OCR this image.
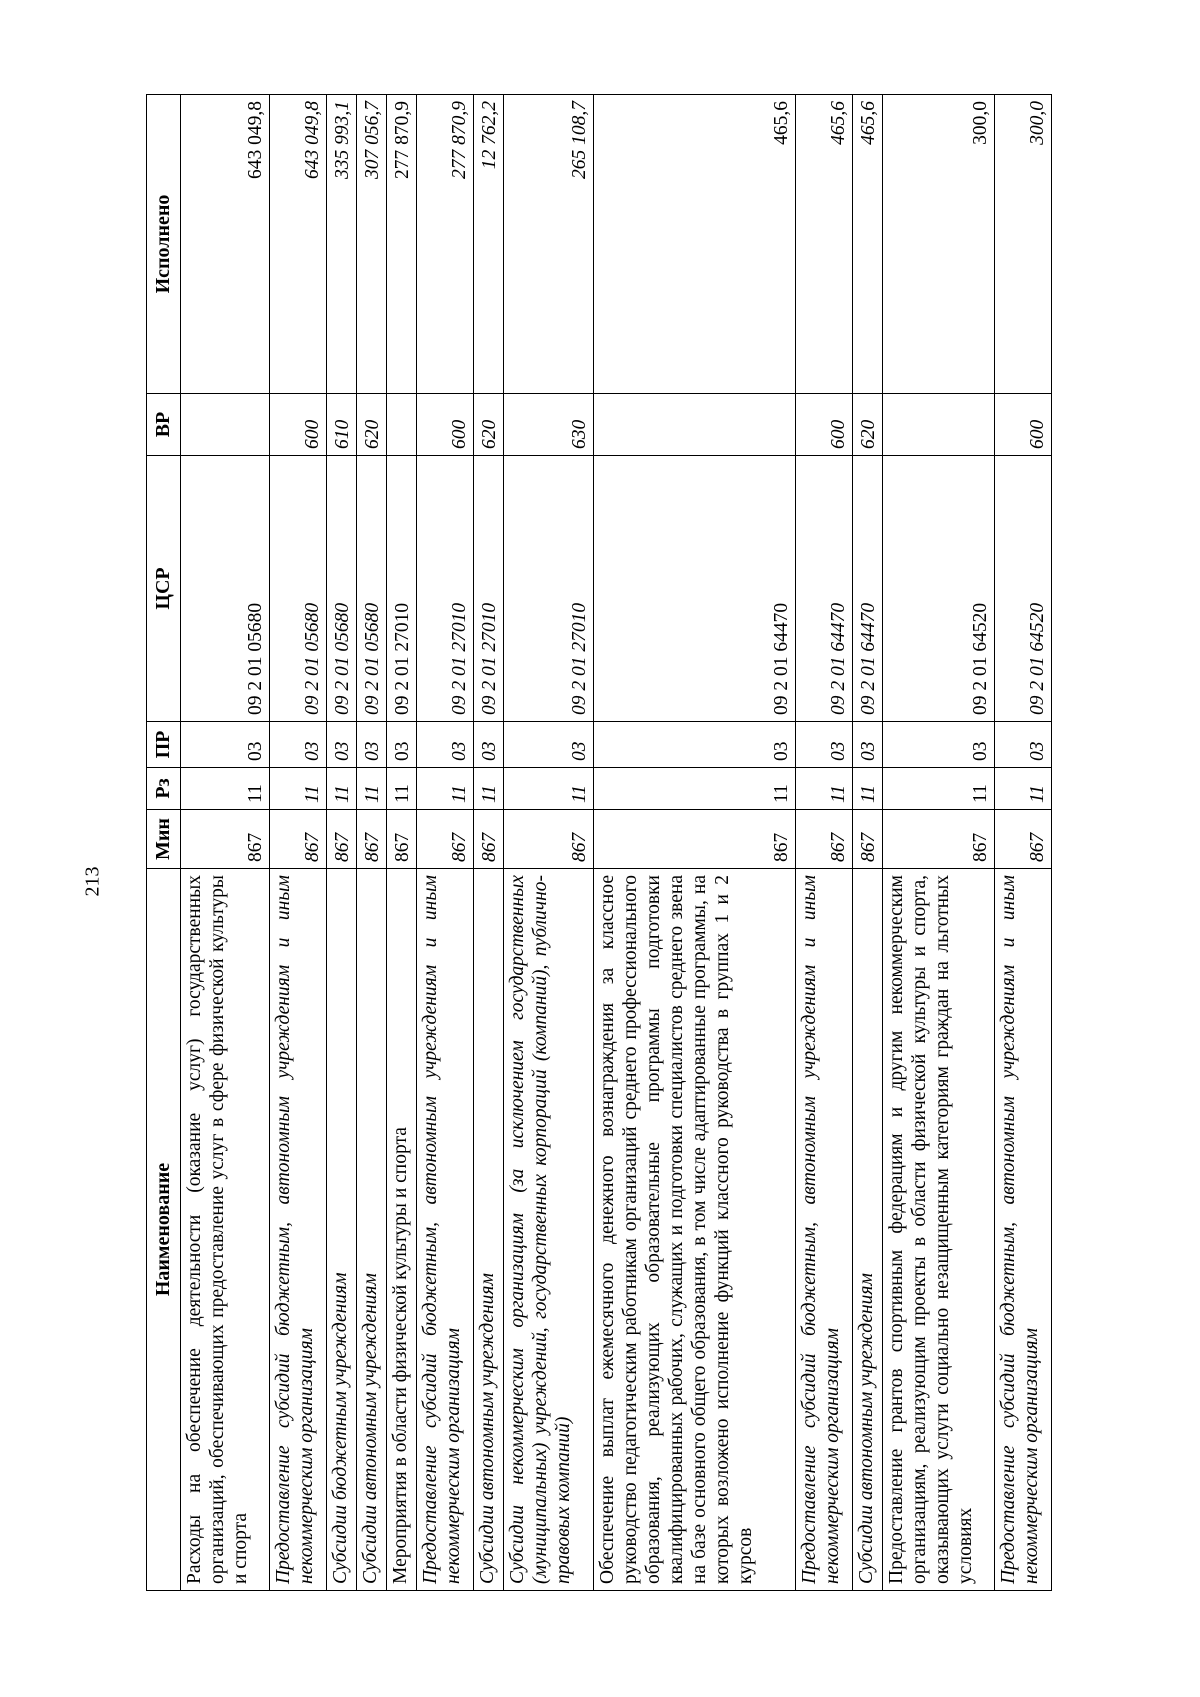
213
Наименование	Мин	Рз	ПР	ЦСР	ВР	Исполнено
Расходы на обеспечение деятельности (оказание услуг) государственных организаций, обеспечивающих предоставление услуг в сфере физической культуры и спорта	867	11	03	09 2 01 05680		643 049,8
Предоставление субсидий бюджетным, автономным учреждениям и иным некоммерческим организациям	867	11	03	09 2 01 05680	600	643 049,8
Субсидии бюджетным учреждениям	867	11	03	09 2 01 05680	610	335 993,1
Субсидии автономным учреждениям	867	11	03	09 2 01 05680	620	307 056,7
Мероприятия в области физической культуры и спорта	867	11	03	09 2 01 27010		277 870,9
Предоставление субсидий бюджетным, автономным учреждениям и иным некоммерческим организациям	867	11	03	09 2 01 27010	600	277 870,9
Субсидии автономным учреждениям	867	11	03	09 2 01 27010	620	12 762,2
Субсидии некоммерческим организациям (за исключением государственных (муниципальных) учреждений, государственных корпораций (компаний), публично-правовых компаний)	867	11	03	09 2 01 27010	630	265 108,7
Обеспечение выплат ежемесячного денежного вознаграждения за классное руководство педагогическим работникам организаций среднего профессионального образования, реализующих образовательные программы подготовки квалифицированных рабочих, служащих и подготовки специалистов среднего звена на базе основного общего образования, в том числе адаптированные программы, на которых возложено исполнение функций классного руководства в группах 1 и 2 курсов	867	11	03	09 2 01 64470		465,6
Предоставление субсидий бюджетным, автономным учреждениям и иным некоммерческим организациям	867	11	03	09 2 01 64470	600	465,6
Субсидии автономным учреждениям	867	11	03	09 2 01 64470	620	465,6
Предоставление грантов спортивным федерациям и другим некоммерческим организациям, реализующим проекты в области физической культуры и спорта, оказывающих услуги социально незащищенным категориям граждан на льготных условиях	867	11	03	09 2 01 64520		300,0
Предоставление субсидий бюджетным, автономным учреждениям и иным некоммерческим организациям	867	11	03	09 2 01 64520	600	300,0
